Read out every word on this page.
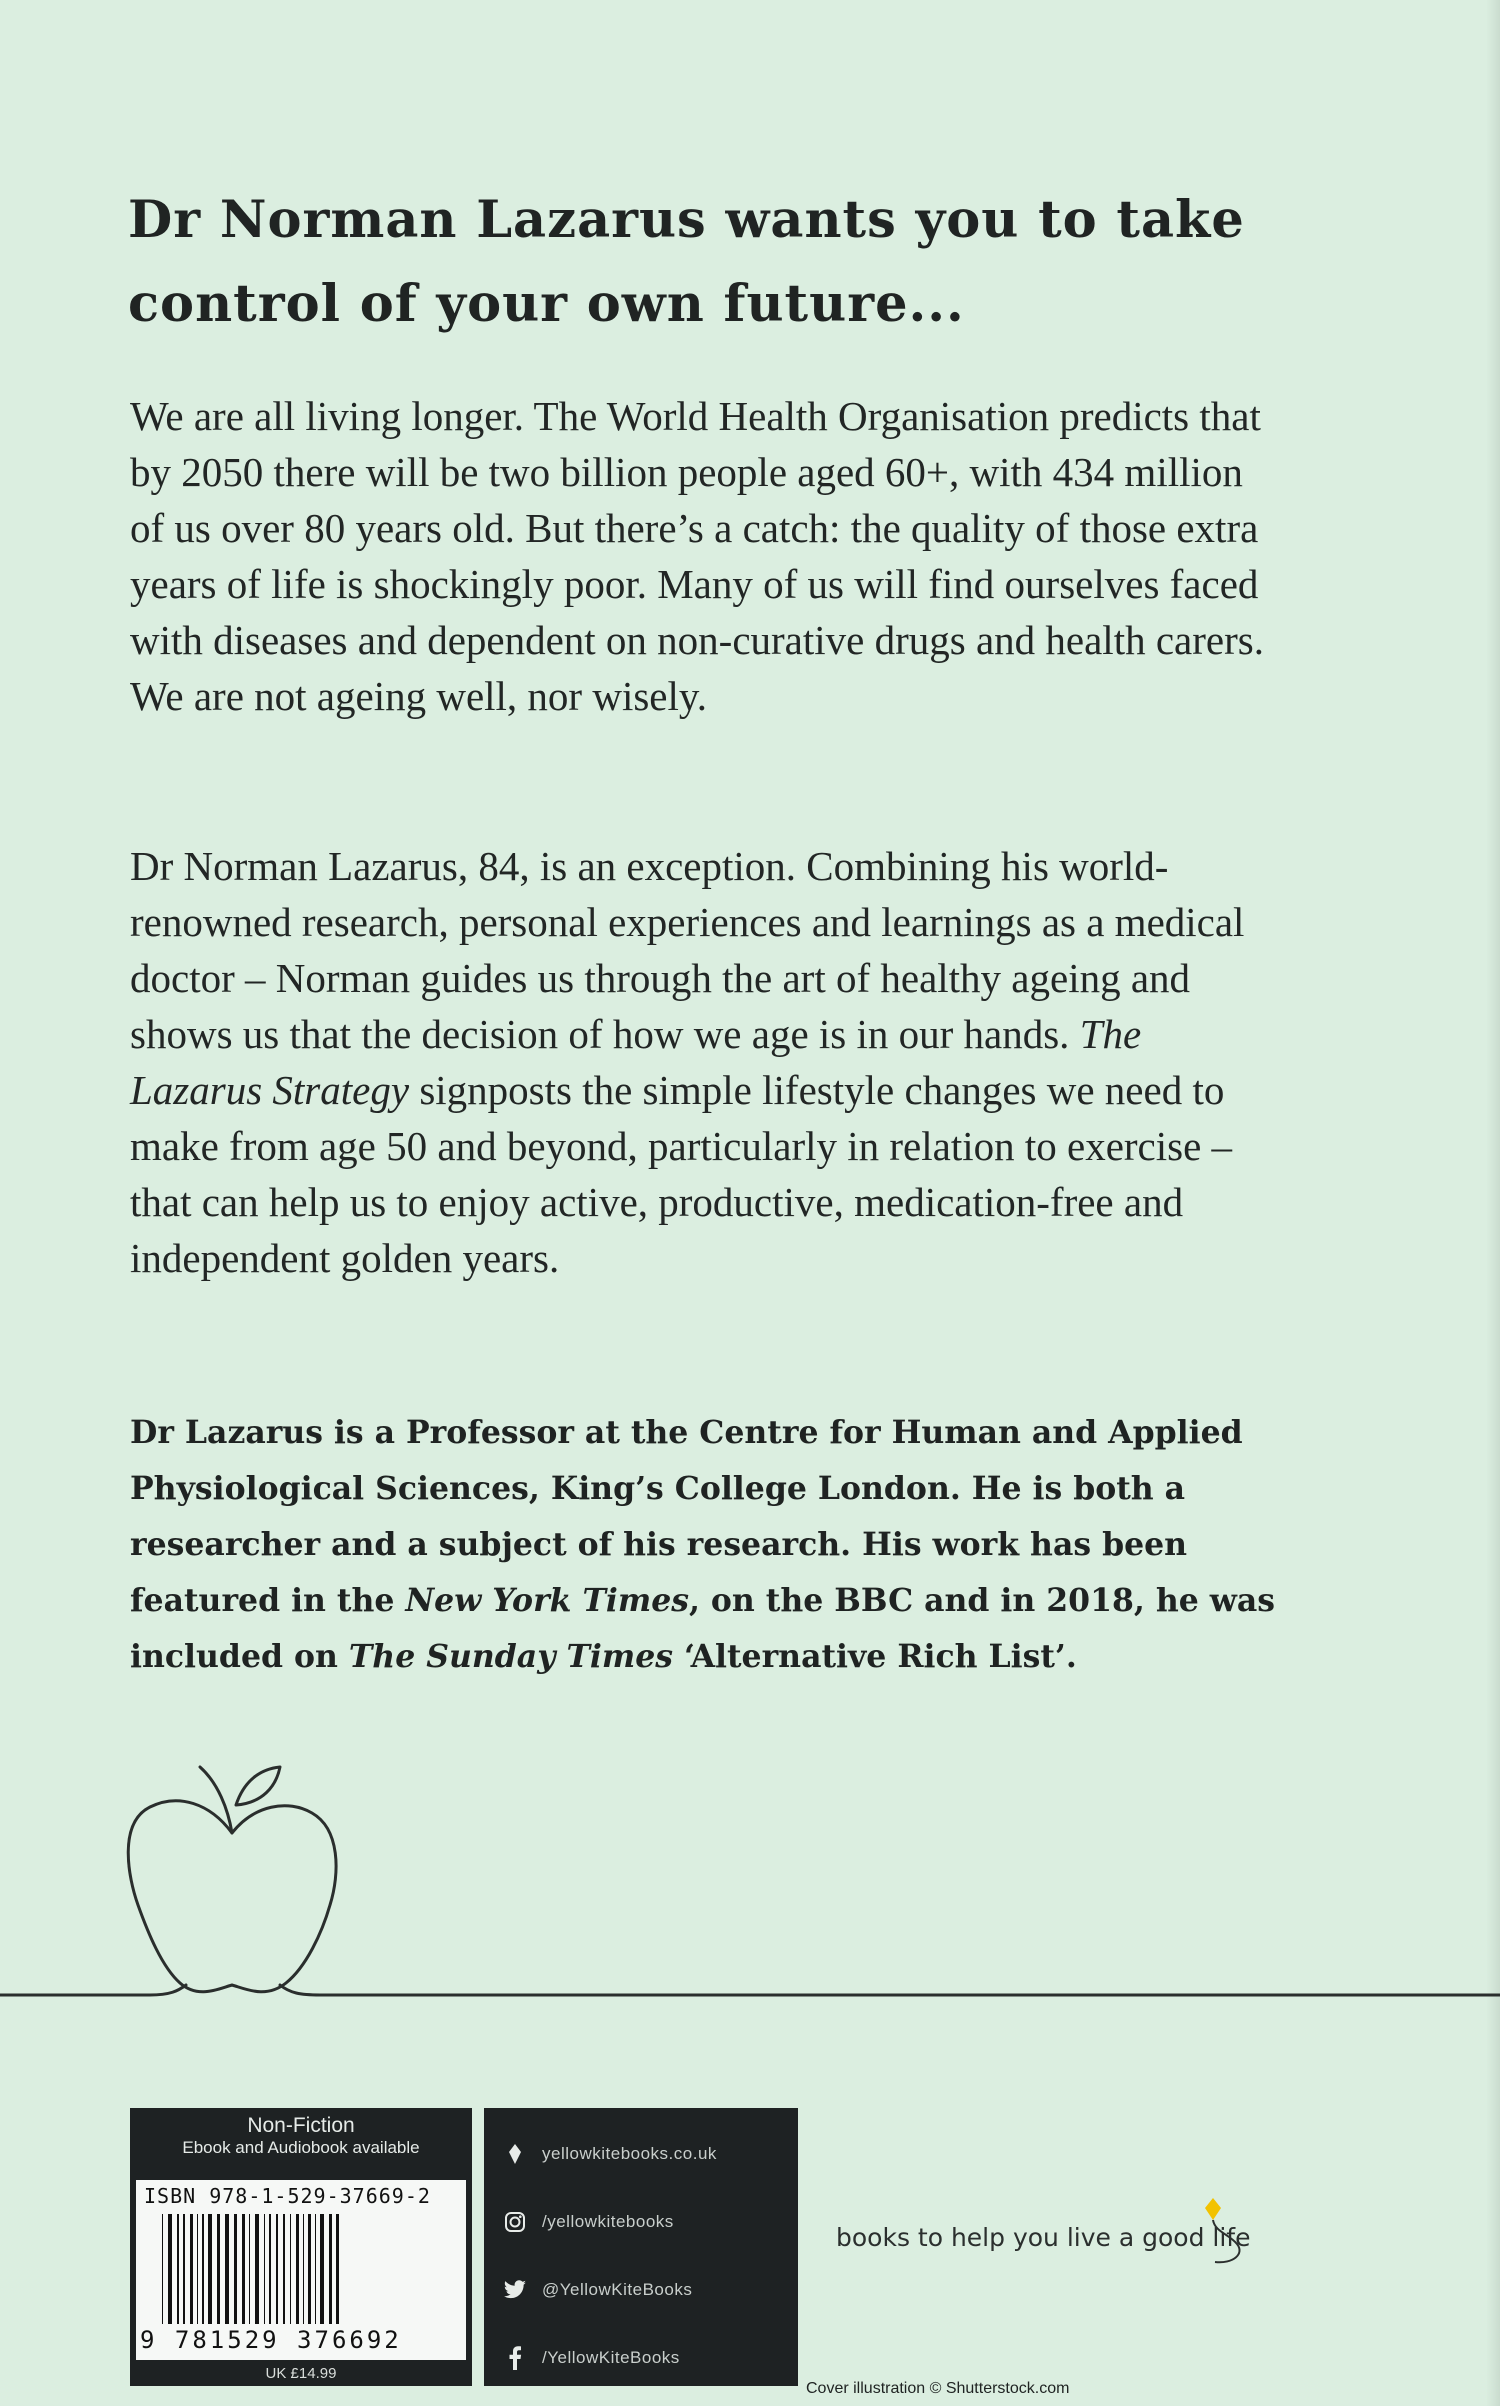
Dr Norman Lazarus wants you to take control of your own future...

We are all living longer. The World Health Organisation predicts that by 2050 there will be two billion people aged 60+, with 434 million of us over 80 years old. But there’s a catch: the quality of those extra years of life is shockingly poor. Many of us will find ourselves faced with diseases and dependent on non-curative drugs and health carers. We are not ageing well, nor wisely.

Dr Norman Lazarus, 84, is an exception. Combining his world-renowned research, personal experiences and learnings as a medical doctor – Norman guides us through the art of healthy ageing and shows us that the decision of how we age is in our hands. The Lazarus Strategy signposts the simple lifestyle changes we need to make from age 50 and beyond, particularly in relation to exercise – that can help us to enjoy active, productive, medication-free and independent golden years.

Dr Lazarus is a Professor at the Centre for Human and Applied Physiological Sciences, King’s College London. He is both a researcher and a subject of his research. His work has been featured in the New York Times, on the BBC and in 2018, he was included on The Sunday Times ‘Alternative Rich List’.

Non-Fiction
Ebook and Audiobook available
ISBN 978-1-529-37669-2
9 781529 376692
UK £14.99
yellowkitebooks.co.uk
/yellowkitebooks
@YellowKiteBooks
/YellowKiteBooks
books to help you live a good life
Cover illustration © Shutterstock.com
